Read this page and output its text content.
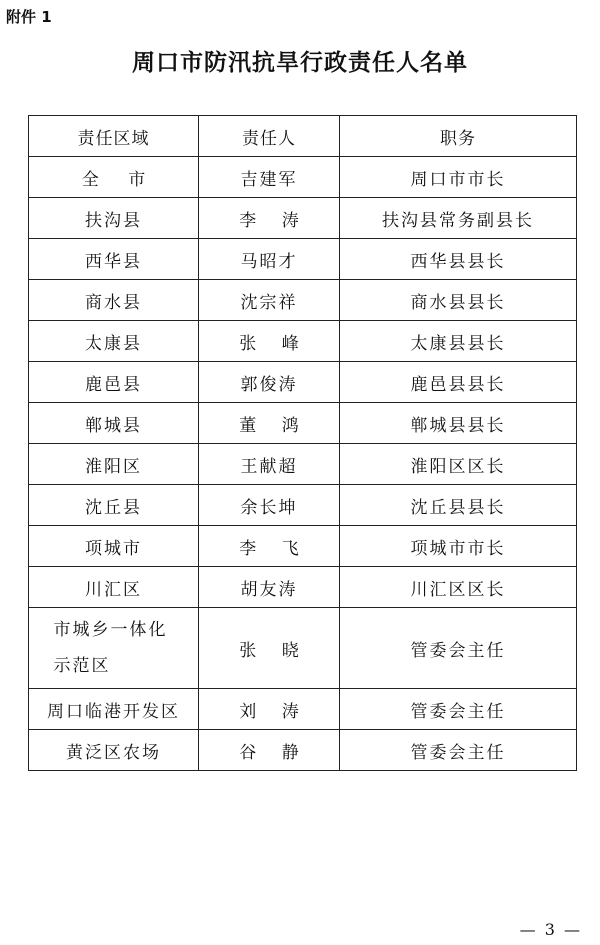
附件 1
周口市防汛抗旱行政责任人名单
责任区域	责任人	职务
全 市	吉建军	周口市市长
扶沟县	李 涛	扶沟县常务副县长
西华县	马昭才	西华县县长
商水县	沈宗祥	商水县县长
太康县	张 峰	太康县县长
鹿邑县	郭俊涛	鹿邑县县长
郸城县	董 鸿	郸城县县长
淮阳区	王献超	淮阳区区长
沈丘县	余长坤	沈丘县县长
项城市	李 飞	项城市市长
川汇区	胡友涛	川汇区区长
市城乡一体化
示范区	张 晓	管委会主任
周口临港开发区	刘 涛	管委会主任
黄泛区农场	谷 静	管委会主任
— 3 —
